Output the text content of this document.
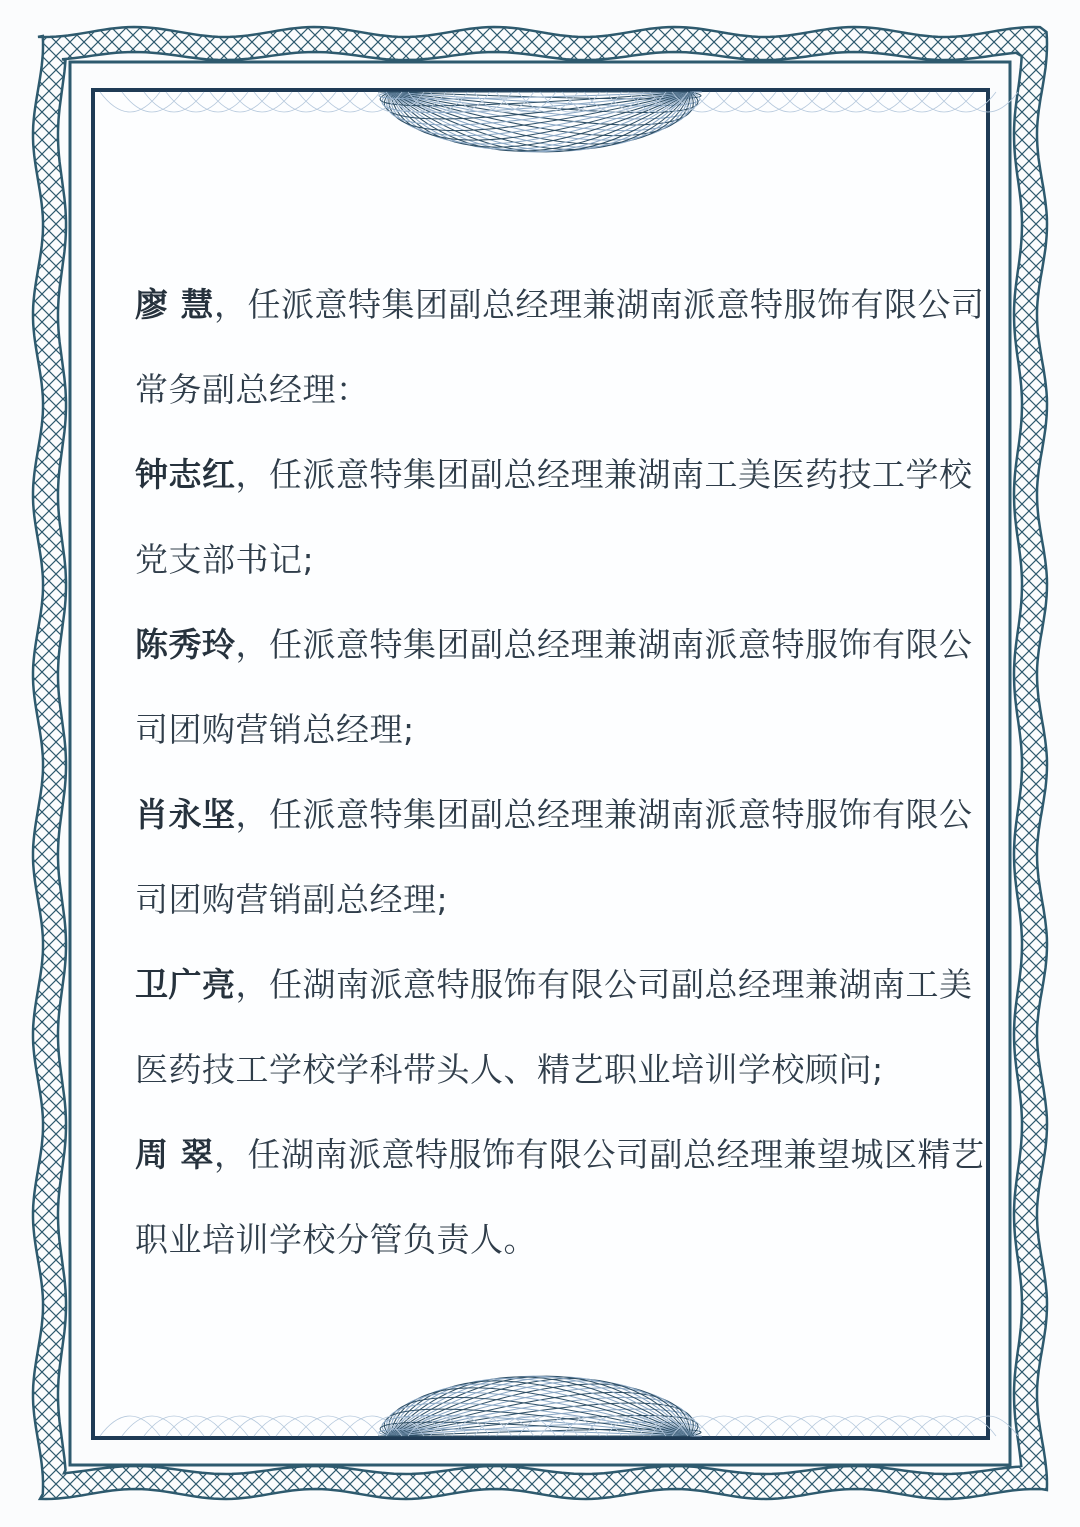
廖 慧，任派意特集团副总经理兼湖南派意特服饰有限公司
常务副总经理：
钟志红，任派意特集团副总经理兼湖南工美医药技工学校
党支部书记;
陈秀玲，任派意特集团副总经理兼湖南派意特服饰有限公
司团购营销总经理;
肖永坚，任派意特集团副总经理兼湖南派意特服饰有限公
司团购营销副总经理;
卫广亮，任湖南派意特服饰有限公司副总经理兼湖南工美
医药技工学校学科带头人、精艺职业培训学校顾问;
周 翠，任湖南派意特服饰有限公司副总经理兼望城区精艺
职业培训学校分管负责人。
